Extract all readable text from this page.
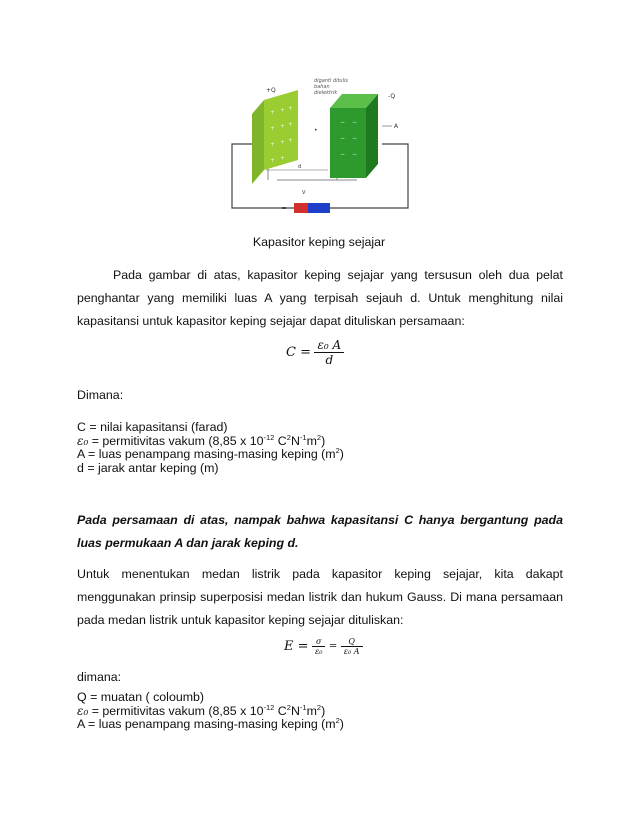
+ + +
+ + +
+ + +
+ +
− −
− −
− −
+Q
-Q
diganti ditulis
bahan
dielektrik
A
•
d
V
Kapasitor keping sejajar
Pada gambar di atas, kapasitor keping sejajar yang tersusun oleh dua pelat
penghantar yang memiliki luas A yang terpisah sejauh d. Untuk menghitung nilai
kapasitansi untuk kapasitor keping sejajar dapat dituliskan persamaan:
$C = \frac{\text{ε₀ A}}{d}$
Dimana:
C = nilai kapasitansi (farad)
ε₀ = permitivitas vakum (8,85 x $10^{-12}$ $C^2N^{-1}m^2$)
A = luas penampang masing-masing keping $(m^2)$
d = jarak antar keping (m)
Pada persamaan di atas, nampak bahwa kapasitansi C hanya bergantung pada
luas permukaan A dan jarak keping d.
Untuk menentukan medan listrik pada kapasitor keping sejajar, kita dakapt
menggunakan prinsip superposisi medan listrik dan hukum Gauss. Di mana persamaan
pada medan listrik untuk kapasitor keping sejajar dituliskan:
$E = \frac{\sigma}{\text{ε₀}} = \frac{Q}{\text{ε₀ A}}$
dimana:
Q = muatan ( coloumb)
ε₀ = permitivitas vakum (8,85 x $10^{-12}$ $C^2N^{-1}m^2$)
A = luas penampang masing-masing keping $(m^2)$
